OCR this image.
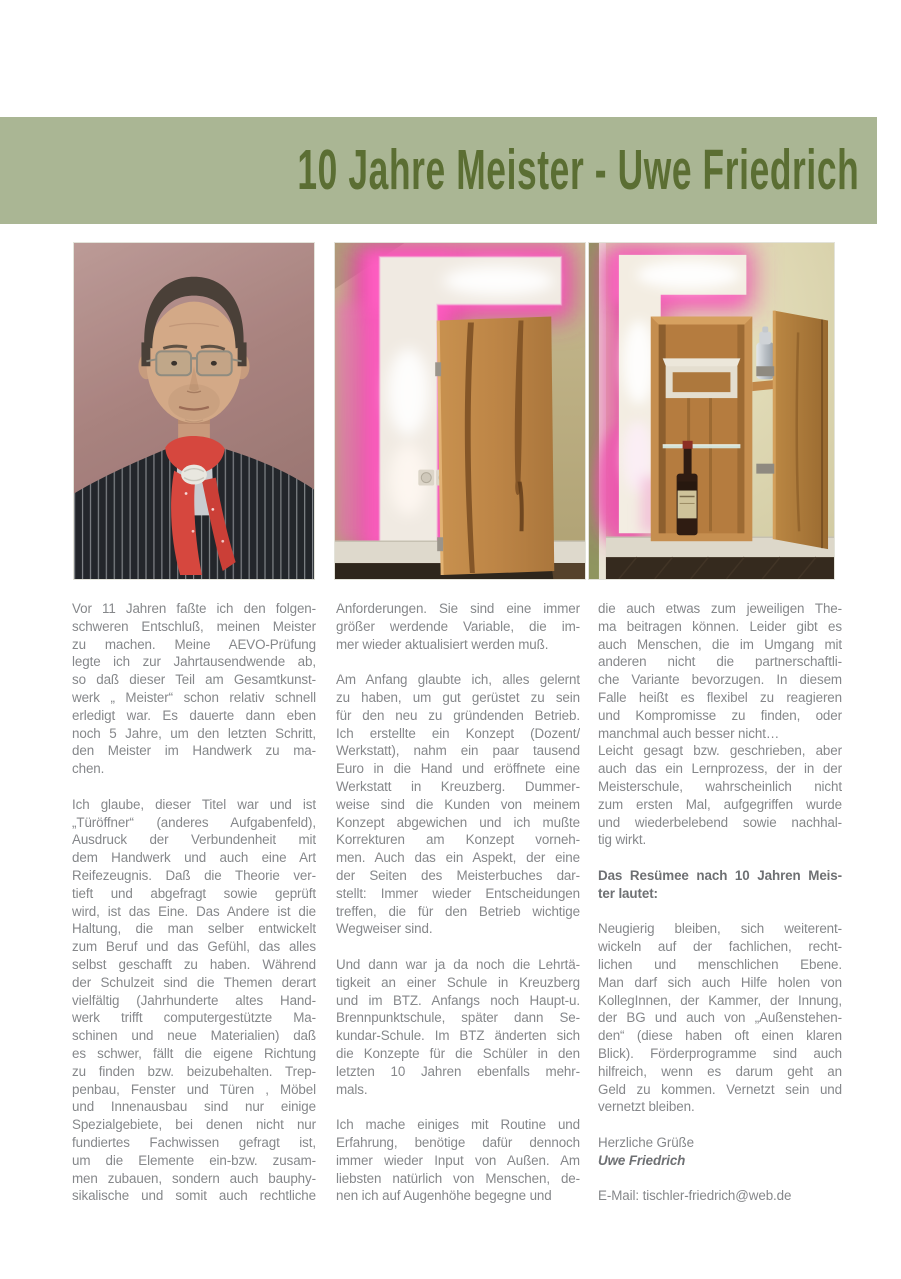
10 Jahre Meister - Uwe Friedrich
Vor 11 Jahren faßte ich den folgen-
schweren Entschluß, meinen Meister
zu machen. Meine AEVO-Prüfung
legte ich zur Jahrtausendwende ab,
so daß dieser Teil am Gesamtkunst-
werk „ Meister“ schon relativ schnell
erledigt war. Es dauerte dann eben
noch 5 Jahre, um den letzten Schritt,
den Meister im Handwerk zu ma-
chen.
Ich glaube, dieser Titel war und ist
„Türöffner“ (anderes Aufgabenfeld),
Ausdruck der Verbundenheit mit
dem Handwerk und auch eine Art
Reifezeugnis. Daß die Theorie ver-
tieft und abgefragt sowie geprüft
wird, ist das Eine. Das Andere ist die
Haltung, die man selber entwickelt
zum Beruf und das Gefühl, das alles
selbst geschafft zu haben. Während
der Schulzeit sind die Themen derart
vielfältig (Jahrhunderte altes Hand-
werk trifft computergestützte Ma-
schinen und neue Materialien) daß
es schwer, fällt die eigene Richtung
zu finden bzw. beizubehalten. Trep-
penbau, Fenster und Türen , Möbel
und Innenausbau sind nur einige
Spezialgebiete, bei denen nicht nur
fundiertes Fachwissen gefragt ist,
um die Elemente ein-bzw. zusam-
men zubauen, sondern auch bauphy-
sikalische und somit auch rechtliche
Anforderungen. Sie sind eine immer
größer werdende Variable, die im-
mer wieder aktualisiert werden muß.
Am Anfang glaubte ich, alles gelernt
zu haben, um gut gerüstet zu sein
für den neu zu gründenden Betrieb.
Ich erstellte ein Konzept (Dozent/
Werkstatt), nahm ein paar tausend
Euro in die Hand und eröffnete eine
Werkstatt in Kreuzberg. Dummer-
weise sind die Kunden von meinem
Konzept abgewichen und ich mußte
Korrekturen am Konzept vorneh-
men. Auch das ein Aspekt, der eine
der Seiten des Meisterbuches dar-
stellt: Immer wieder Entscheidungen
treffen, die für den Betrieb wichtige
Wegweiser sind.
Und dann war ja da noch die Lehrtä-
tigkeit an einer Schule in Kreuzberg
und im BTZ. Anfangs noch Haupt-u.
Brennpunktschule, später dann Se-
kundar-Schule. Im BTZ änderten sich
die Konzepte für die Schüler in den
letzten 10 Jahren ebenfalls mehr-
mals.
Ich mache einiges mit Routine und
Erfahrung, benötige dafür dennoch
immer wieder Input von Außen. Am
liebsten natürlich von Menschen, de-
nen ich auf Augenhöhe begegne und
die auch etwas zum jeweiligen The-
ma beitragen können. Leider gibt es
auch Menschen, die im Umgang mit
anderen nicht die partnerschaftli-
che Variante bevorzugen. In diesem
Falle heißt es flexibel zu reagieren
und Kompromisse zu finden, oder
manchmal auch besser nicht…
Leicht gesagt bzw. geschrieben, aber
auch das ein Lernprozess, der in der
Meisterschule, wahrscheinlich nicht
zum ersten Mal, aufgegriffen wurde
und wiederbelebend sowie nachhal-
tig wirkt.
Das Resümee nach 10 Jahren Meis-
ter lautet:
Neugierig bleiben, sich weiterent-
wickeln auf der fachlichen, recht-
lichen und menschlichen Ebene.
Man darf sich auch Hilfe holen von
KollegInnen, der Kammer, der Innung,
der BG und auch von „Außenstehen-
den“ (diese haben oft einen klaren
Blick). Förderprogramme sind auch
hilfreich, wenn es darum geht an
Geld zu kommen. Vernetzt sein und
vernetzt bleiben.
Herzliche Grüße
Uwe Friedrich
E-Mail: tischler-friedrich@web.de
